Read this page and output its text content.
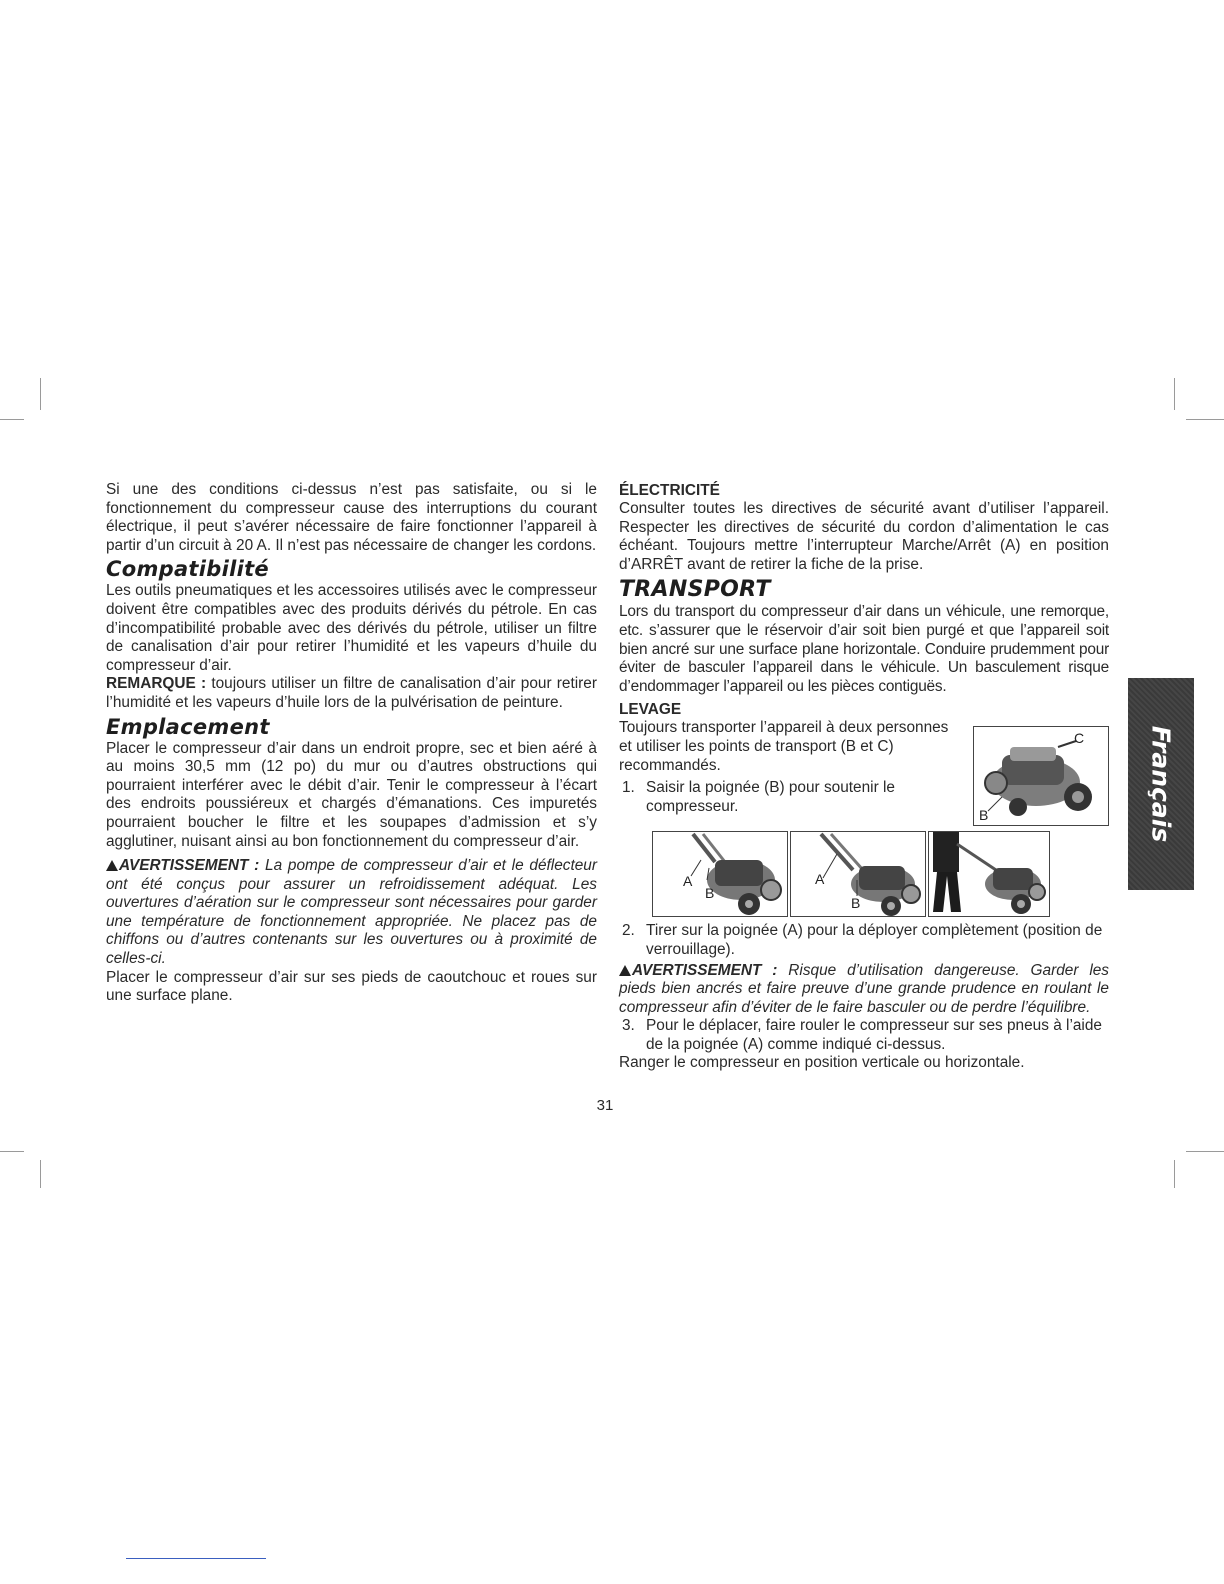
Si une des conditions ci-dessus n’est pas satisfaite, ou si le fonctionnement du compresseur cause des interruptions du courant électrique, il peut s’avérer nécessaire de faire fonctionner l’appareil à partir d’un circuit à 20 A. Il n’est pas nécessaire de changer les cordons.

Compatibilité

Les outils pneumatiques et les accessoires utilisés avec le compresseur doivent être compatibles avec des produits dérivés du pétrole. En cas d’incompatibilité probable avec des dérivés du pétrole, utiliser un filtre de canalisation d’air pour retirer l’humidité et les vapeurs d’huile du compresseur d’air.

REMARQUE : toujours utiliser un filtre de canalisation d’air pour retirer l’humidité et les vapeurs d’huile lors de la pulvérisation de peinture.

Emplacement

Placer le compresseur d’air dans un endroit propre, sec et bien aéré à au moins 30,5 mm (12 po) du mur ou d’autres obstructions qui pourraient interférer avec le débit d’air. Tenir le compresseur à l’écart des endroits poussiéreux et chargés d’émanations. Ces impuretés pourraient boucher le filtre et les soupapes d’admission et s’y agglutiner, nuisant ainsi au bon fonctionnement du compresseur d’air.

AVERTISSEMENT : La pompe de compresseur d’air et le déflecteur ont été conçus pour assurer un refroidissement adéquat. Les ouvertures d’aération sur le compresseur sont nécessaires pour garder une température de fonctionnement appropriée. Ne placez pas de chiffons ou d’autres contenants sur les ouvertures ou à proximité de celles-ci.

Placer le compresseur d’air sur ses pieds de caoutchouc et roues sur une surface plane.

ÉLECTRICITÉ

Consulter toutes les directives de sécurité avant d’utiliser l’appareil. Respecter les directives de sécurité du cordon d’alimentation le cas échéant. Toujours mettre l’interrupteur Marche/Arrêt (A) en position d’ARRÊT avant de retirer la fiche de la prise.

TRANSPORT

Lors du transport du compresseur d’air dans un véhicule, une remorque, etc. s’assurer que le réservoir d’air soit bien purgé et que l’appareil soit bien ancré sur une surface plane horizontale. Conduire prudemment pour éviter de basculer l’appareil dans le véhicule. Un basculement risque d’endommager l’appareil ou les pièces contiguës.

LEVAGE

Toujours transporter l’appareil à deux personnes et utiliser les points de transport (B et C) recommandés.

1. Saisir la poignée (B) pour soutenir le compresseur.

2. Tirer sur la poignée (A) pour la déployer complètement (position de verrouillage).

AVERTISSEMENT : Risque d’utilisation dangereuse. Garder les pieds bien ancrés et faire preuve d’une grande prudence en roulant le compresseur afin d’éviter de le faire basculer ou de perdre l’équilibre.

3. Pour le déplacer, faire rouler le compresseur sur ses pneus à l’aide de la poignée (A) comme indiqué ci-dessus.

Ranger le compresseur en position verticale ou horizontale.

C
B
A
B
A
B
Français
31
